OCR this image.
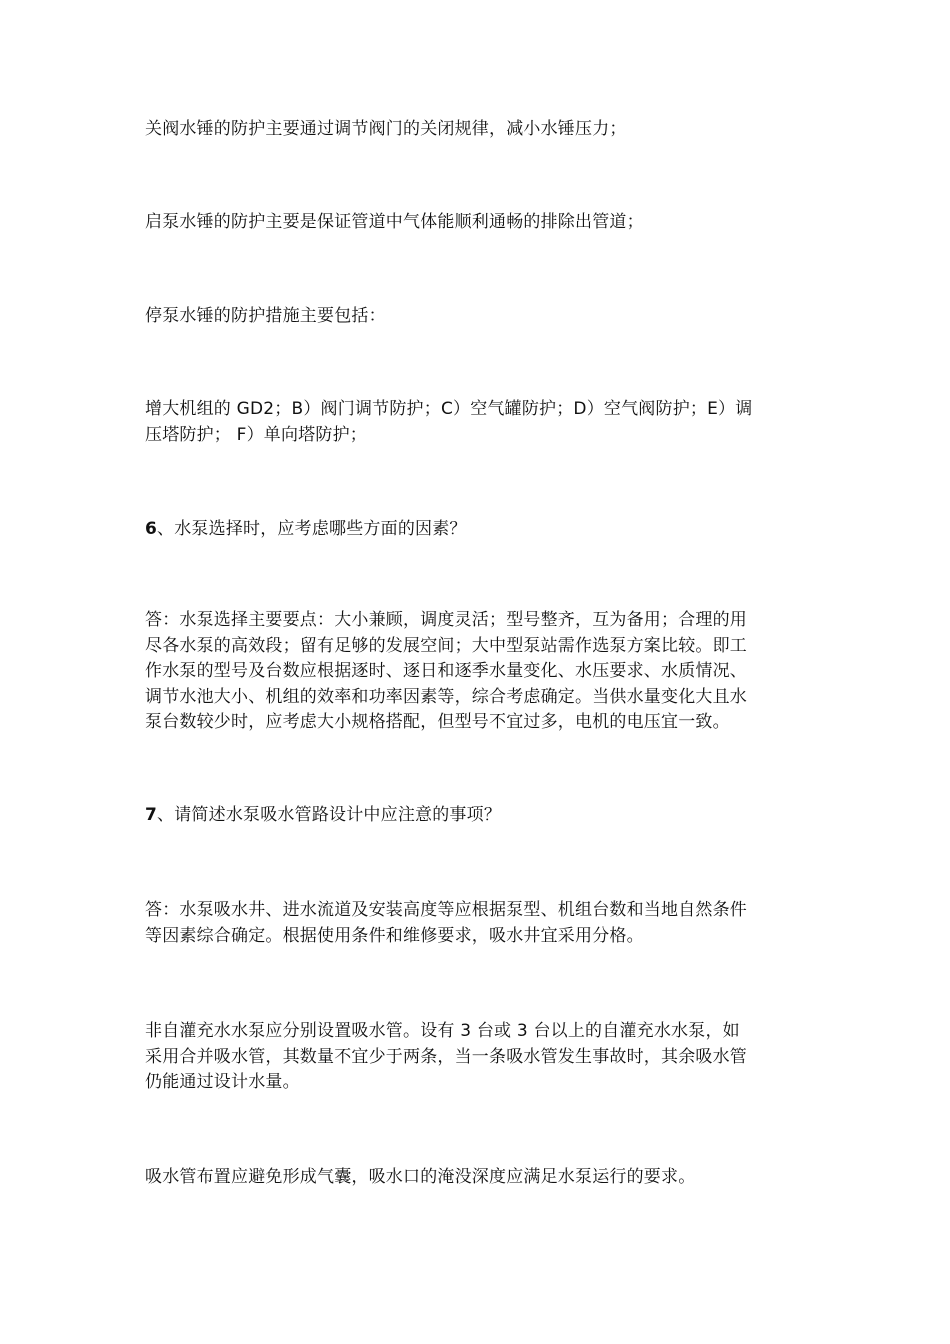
关阀水锤的防护主要通过调节阀门的关闭规律，减小水锤压力；

启泵水锤的防护主要是保证管道中气体能顺利通畅的排除出管道；

停泵水锤的防护措施主要包括：

增大机组的 GD2；B）阀门调节防护；C）空气罐防护；D）空气阀防护；E）调
压塔防护； F）单向塔防护；

6、水泵选择时，应考虑哪些方面的因素？

答：水泵选择主要要点：大小兼顾，调度灵活；型号整齐，互为备用；合理的用
尽各水泵的高效段；留有足够的发展空间；大中型泵站需作选泵方案比较。即工
作水泵的型号及台数应根据逐时、逐日和逐季水量变化、水压要求、水质情况、
调节水池大小、机组的效率和功率因素等，综合考虑确定。当供水量变化大且水
泵台数较少时，应考虑大小规格搭配，但型号不宜过多，电机的电压宜一致。

7、请简述水泵吸水管路设计中应注意的事项？

答：水泵吸水井、进水流道及安装高度等应根据泵型、机组台数和当地自然条件
等因素综合确定。根据使用条件和维修要求，吸水井宜采用分格。

非自灌充水水泵应分别设置吸水管。设有 3 台或 3 台以上的自灌充水水泵，如
采用合并吸水管，其数量不宜少于两条，当一条吸水管发生事故时，其余吸水管
仍能通过设计水量。

吸水管布置应避免形成气囊，吸水口的淹没深度应满足水泵运行的要求。
